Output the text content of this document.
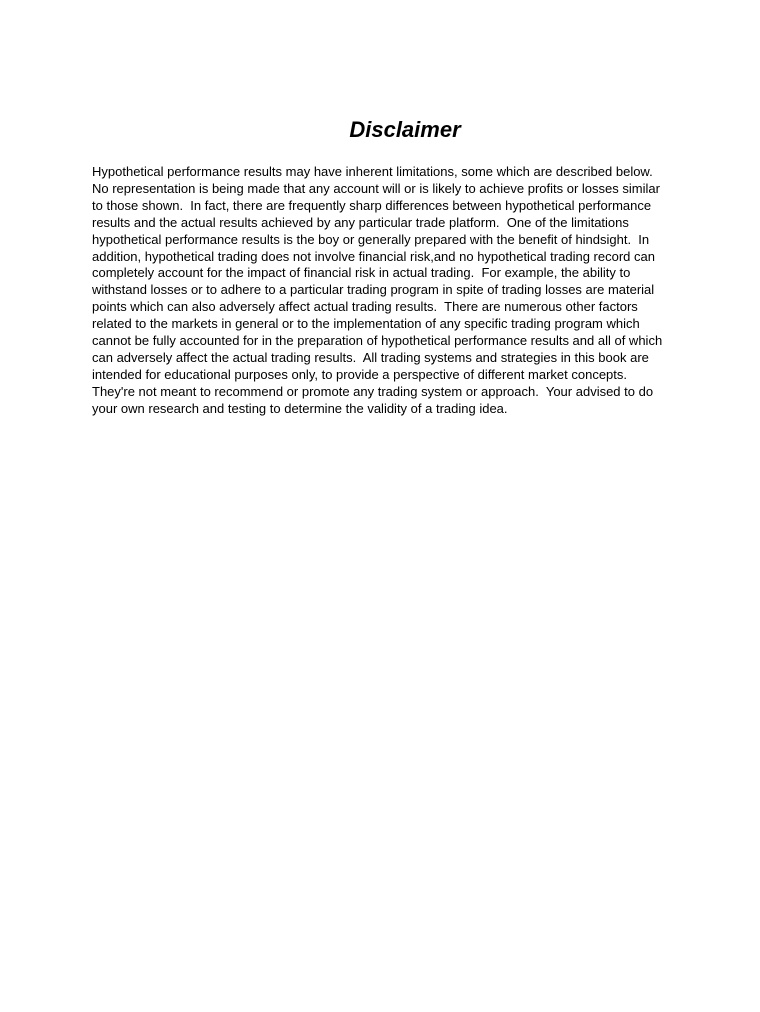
Disclaimer
Hypothetical performance results may have inherent limitations, some which are described below.
No representation is being made that any account will or is likely to achieve profits or losses similar
to those shown.  In fact, there are frequently sharp differences between hypothetical performance
results and the actual results achieved by any particular trade platform.  One of the limitations
hypothetical performance results is the boy or generally prepared with the benefit of hindsight.  In
addition, hypothetical trading does not involve financial risk,and no hypothetical trading record can
completely account for the impact of financial risk in actual trading.  For example, the ability to
withstand losses or to adhere to a particular trading program in spite of trading losses are material
points which can also adversely affect actual trading results.  There are numerous other factors
related to the markets in general or to the implementation of any specific trading program which
cannot be fully accounted for in the preparation of hypothetical performance results and all of which
can adversely affect the actual trading results.  All trading systems and strategies in this book are
intended for educational purposes only, to provide a perspective of different market concepts.
They're not meant to recommend or promote any trading system or approach.  Your advised to do
your own research and testing to determine the validity of a trading idea.
